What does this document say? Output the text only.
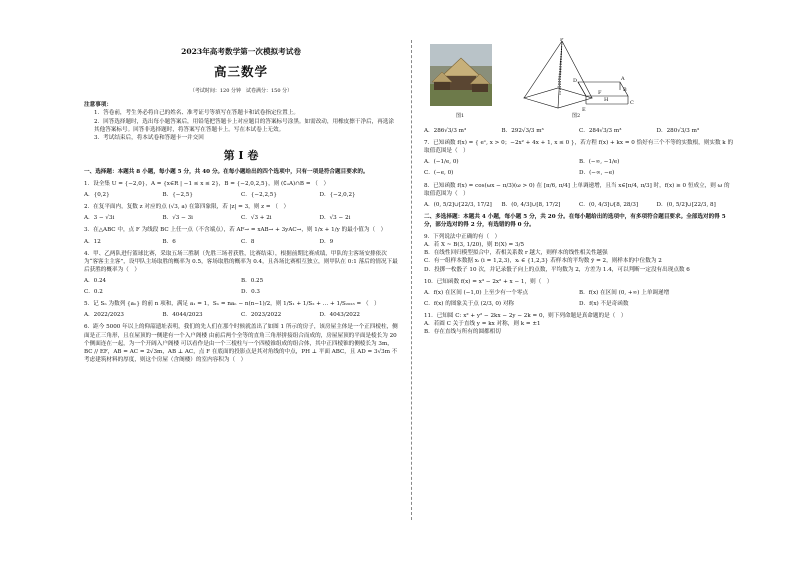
2023年高考数学第一次模拟考试卷
高三数学
（考试时间：120 分钟　试卷满分：150 分）
注意事项：
1．答卷前，考生务必将自己的姓名、准考证号等填写在答题卡和试卷指定位置上。
2．回答选择题时，选出每小题答案后，用铅笔把答题卡上对应题目的答案标号涂黑。如需改动，用橡皮擦干净后，再选涂其他答案标号。回答非选择题时，将答案写在答题卡上。写在本试卷上无效。
3．考试结束后，将本试卷和答题卡一并交回
第 I 卷
一、选择题：本题共 8 小题，每小题 5 分，共 40 分。在每小题给出的四个选项中，只有一项是符合题目要求的。
1．设全集 U = {−2,0}，A = {x∈R | −1 ≤ x ≤ 2}，B = {−2,0,2,5}，则 (∁ᵤA)∩B = （　）
A．{0,2}	B．{−2,5}	C．{−2,2,5}	D．{−2,0,2}
2．在复平面内，复数 z 对应的点 (√3, a) 在第四象限，若 |z| = 3，则 z = （　）
A．3 − √3i	B．√3 − 3i	C．√3 + 2i	D．√3 − 2i
3．在△ABC 中，点 F 为线段 BC 上任一点（不含端点），若 AF→ = xAB→ + 3yAC→，则 1/x + 1/y 的最小值为（　）
A．12	B．6	C．8	D．9
4．甲、乙两队进行篮球比赛，采取五场三胜制（先胜三场者获胜，比赛结束），根据前期比赛成绩，甲队的主客场安排依次为“客客主主客”，设甲队主场取胜的概率为 0.5，客场取胜的概率为 0.4，且各场比赛相互独立，则甲队在 0:1 落后的情况下最后获胜的概率为（　）
A．0.24	B．0.25
C．0.2	D．0.3
5．记 Sₙ 为数列 {aₙ} 的前 n 项和，满足 a₁ = 1，Sₙ = naₙ − n(n−1)/2，则 1/S₁ + 1/S₂ + … + 1/S₂₀₂₃ = （　）
A．2022/2023	B．4044/2023	C．2023/2022	D．4043/2022
6．距今 5000 年以上的仰韶遗址表明，我们的先人们在那个时候就盖出了如图 1 所示的房子，该房屋主体是一个正四棱柱，侧面是正三角形，且在屋顶的一侧建有一个入户阁楼 由前后两个全等的直角三角形拼接组合而成的，房屋屋顶的平面是棱长为 20 个侧面连在一起，为一个开阔入户阁楼 可以看作是由一个三棱柱与一个四棱锥组成的组合体，其中正四棱锥的侧棱长为 3m，BC // EF，AB = AC = 2√3m，AB ⊥ AC，点 F 在底面的投影点是其对角线的中点，PH ⊥ 平面 ABC，且 AD = 3√3m 不考虑建筑材料的厚度，则这个房屋（含阁楼）的室内容积为（　）
P
A
B
C
D
E
F
H
图1	图2
A．286√3/3 m³	B．292√3/3 m³	C．284√3/3 m³	D．280√3/3 m³
7．已知函数 f(x) = { eˣ, x > 0；−2x² + 4x + 1, x ≤ 0 }，若方程 f(x) + kx = 0 恰好有三个不等的实数根，则实数 k 的取值范围是（　）
A．(−1/e, 0)	B．(−∞, −1/e)
C．(−e, 0)	D．(−∞, −e)
8．已知函数 f(x) = cos(ωx − π/3)(ω > 0) 在 [π/6, π/4] 上单调递增，且当 x∈[π/4, π/3] 时，f(x) ≥ 0 恒成立，则 ω 的取值范围为（　）
A．(0, 5/2]∪[22/3, 17/2]	B．(0, 4/3]∪[8, 17/2]	C．(0, 4/3]∪[8, 28/3]	D．(0, 5/2]∪[22/3, 8]
二、多选择题：本题共 4 小题，每小题 5 分，共 20 分。在每小题给出的选项中，有多项符合题目要求。全部选对的得 5 分，部分选对的得 2 分，有选错的得 0 分。
9．下列说法中正确的有（　）
A．若 X ~ B(3, 1/20)，则 E(X) = 3/5
B．在线性回归模型拟合中，若相关系数 r 越大，则样本的线性相关性越强
C．有一组样本数据 xᵢ (i = 1,2,3)，xᵢ ∈ {1,2,3} 若样本的平均数 ȳ = 2，则样本的中位数为 2
D．投掷一枚骰子 10 次，并记录骰子向上的点数，平均数为 2，方差为 1.4，可以判断一定没有出现点数 6
10．已知函数 f(x) = x³ − 2x² + x − 1，则（　）
A．f(x) 在区间 (−1,0) 上至少有一个零点	B．f(x) 在区间 (0, +∞) 上单调递增
C．f(x) 的图象关于点 (2/3, 0) 对称	D．f(x) 不是奇函数
11．已知圆 C: x² + y² − 2kx − 2y − 2k = 0，则下列命题是真命题的是（　）
A．若圆 C 关于直线 y = kx 对称，则 k = ±1
B．存在直线与所有的圆都相切
